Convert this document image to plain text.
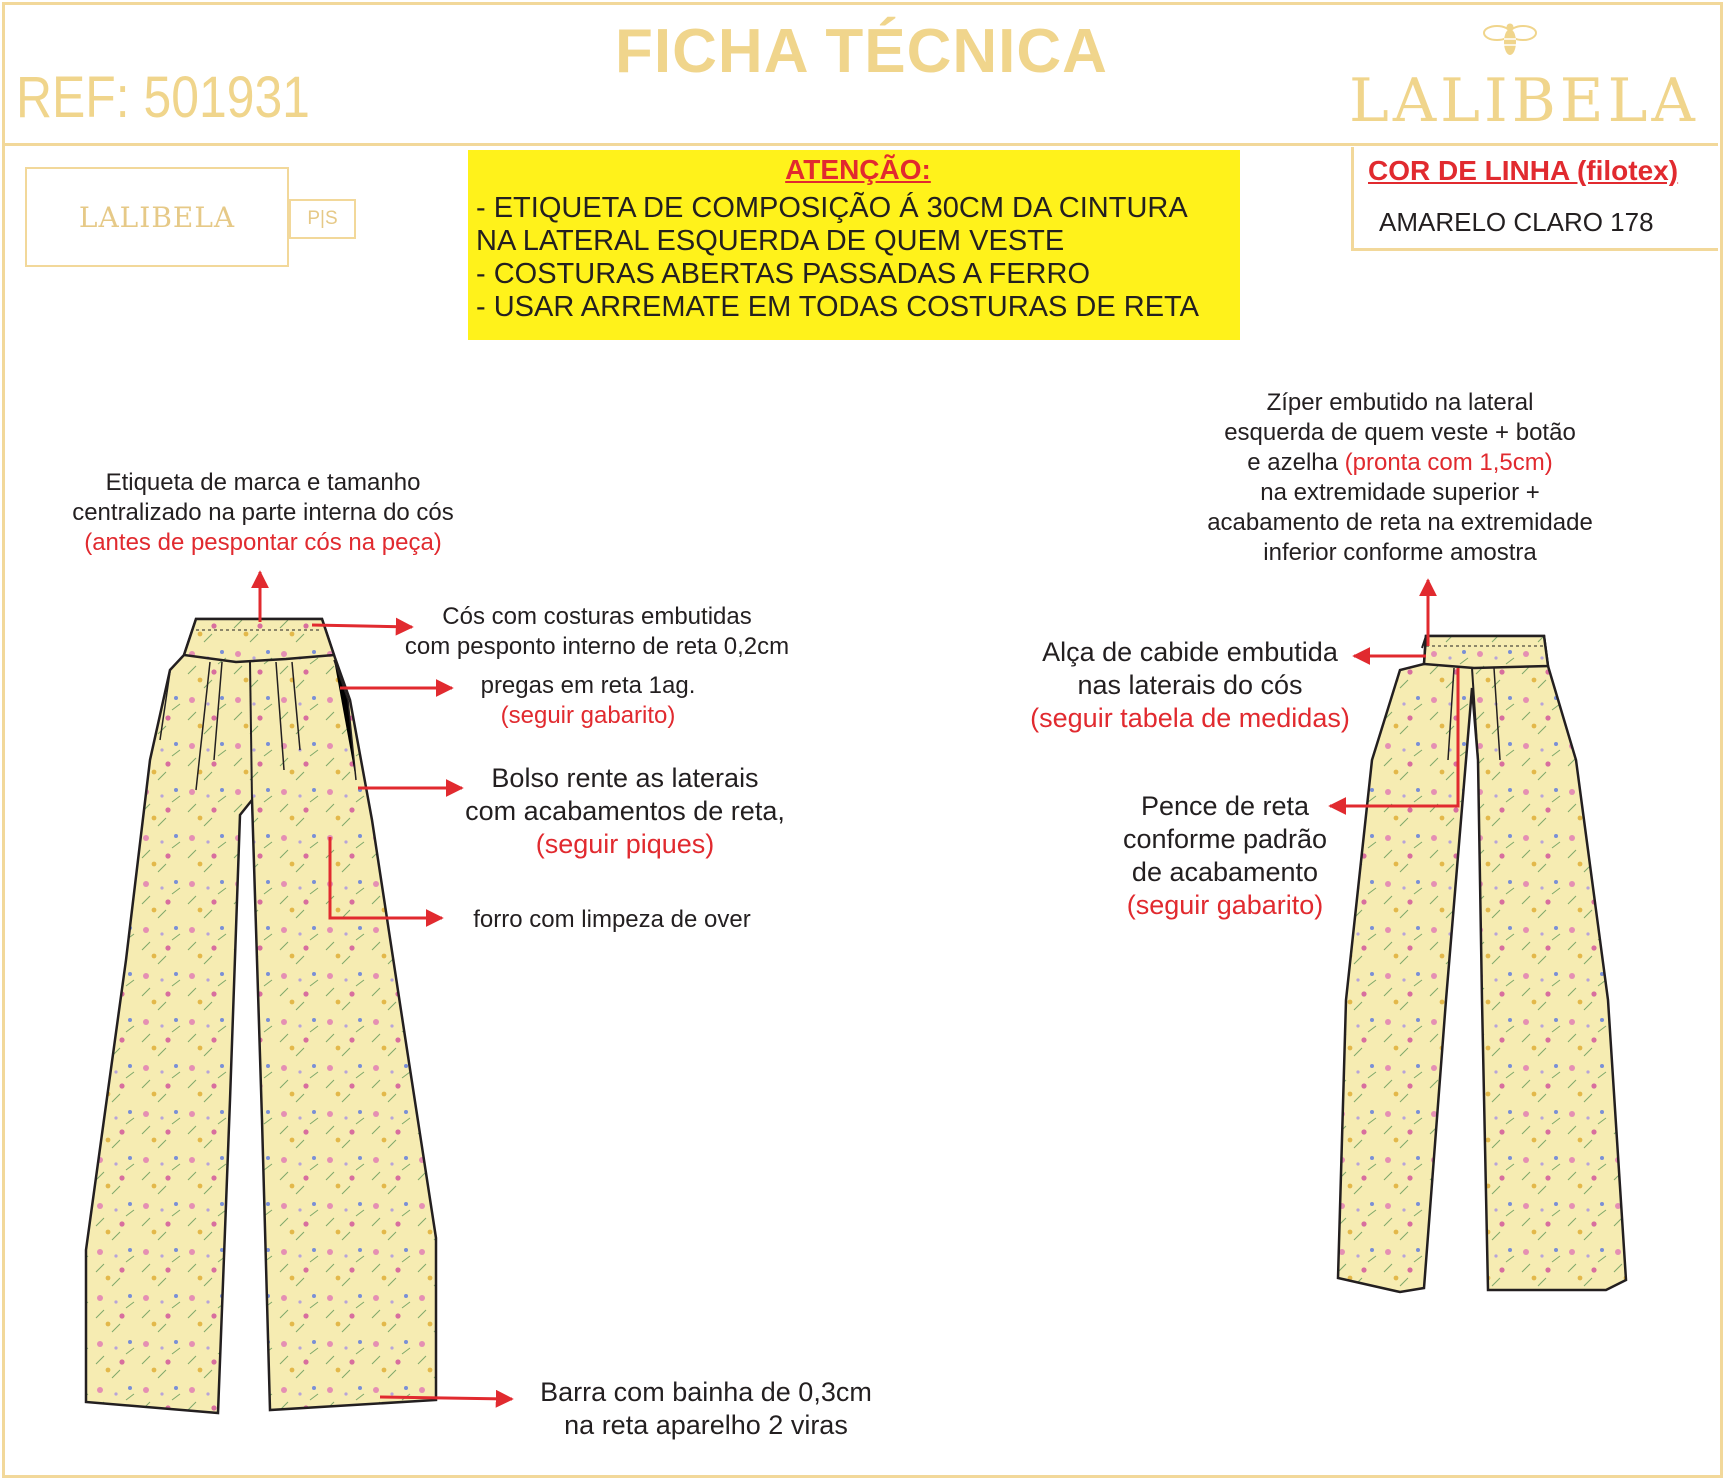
REF: 501931
FICHA TÉCNICA
LALIBELA
LALIBELA	P|S
ATENÇÃO:
- ETIQUETA DE COMPOSIÇÃO Á 30CM DA CINTURA
NA LATERAL ESQUERDA DE QUEM VESTE
- COSTURAS ABERTAS PASSADAS A FERRO
- USAR ARREMATE EM TODAS COSTURAS DE RETA
COR DE LINHA (filotex)
AMARELO CLARO 178
Etiqueta de marca e tamanho
centralizado na parte interna do cós
(antes de pespontar cós na peça)
Cós com costuras embutidas
com pesponto interno de reta 0,2cm
pregas em reta 1ag.
(seguir gabarito)
Bolso rente as laterais
com acabamentos de reta,
(seguir piques)
forro com limpeza de over
Barra com bainha de 0,3cm
na reta aparelho 2 viras
Zíper embutido na lateral
esquerda de quem veste + botão
e azelha (pronta com 1,5cm)
na extremidade superior +
acabamento de reta na extremidade
inferior conforme amostra
Alça de cabide embutida
nas laterais do cós
(seguir tabela de medidas)
Pence de reta
conforme padrão
de acabamento
(seguir gabarito)
